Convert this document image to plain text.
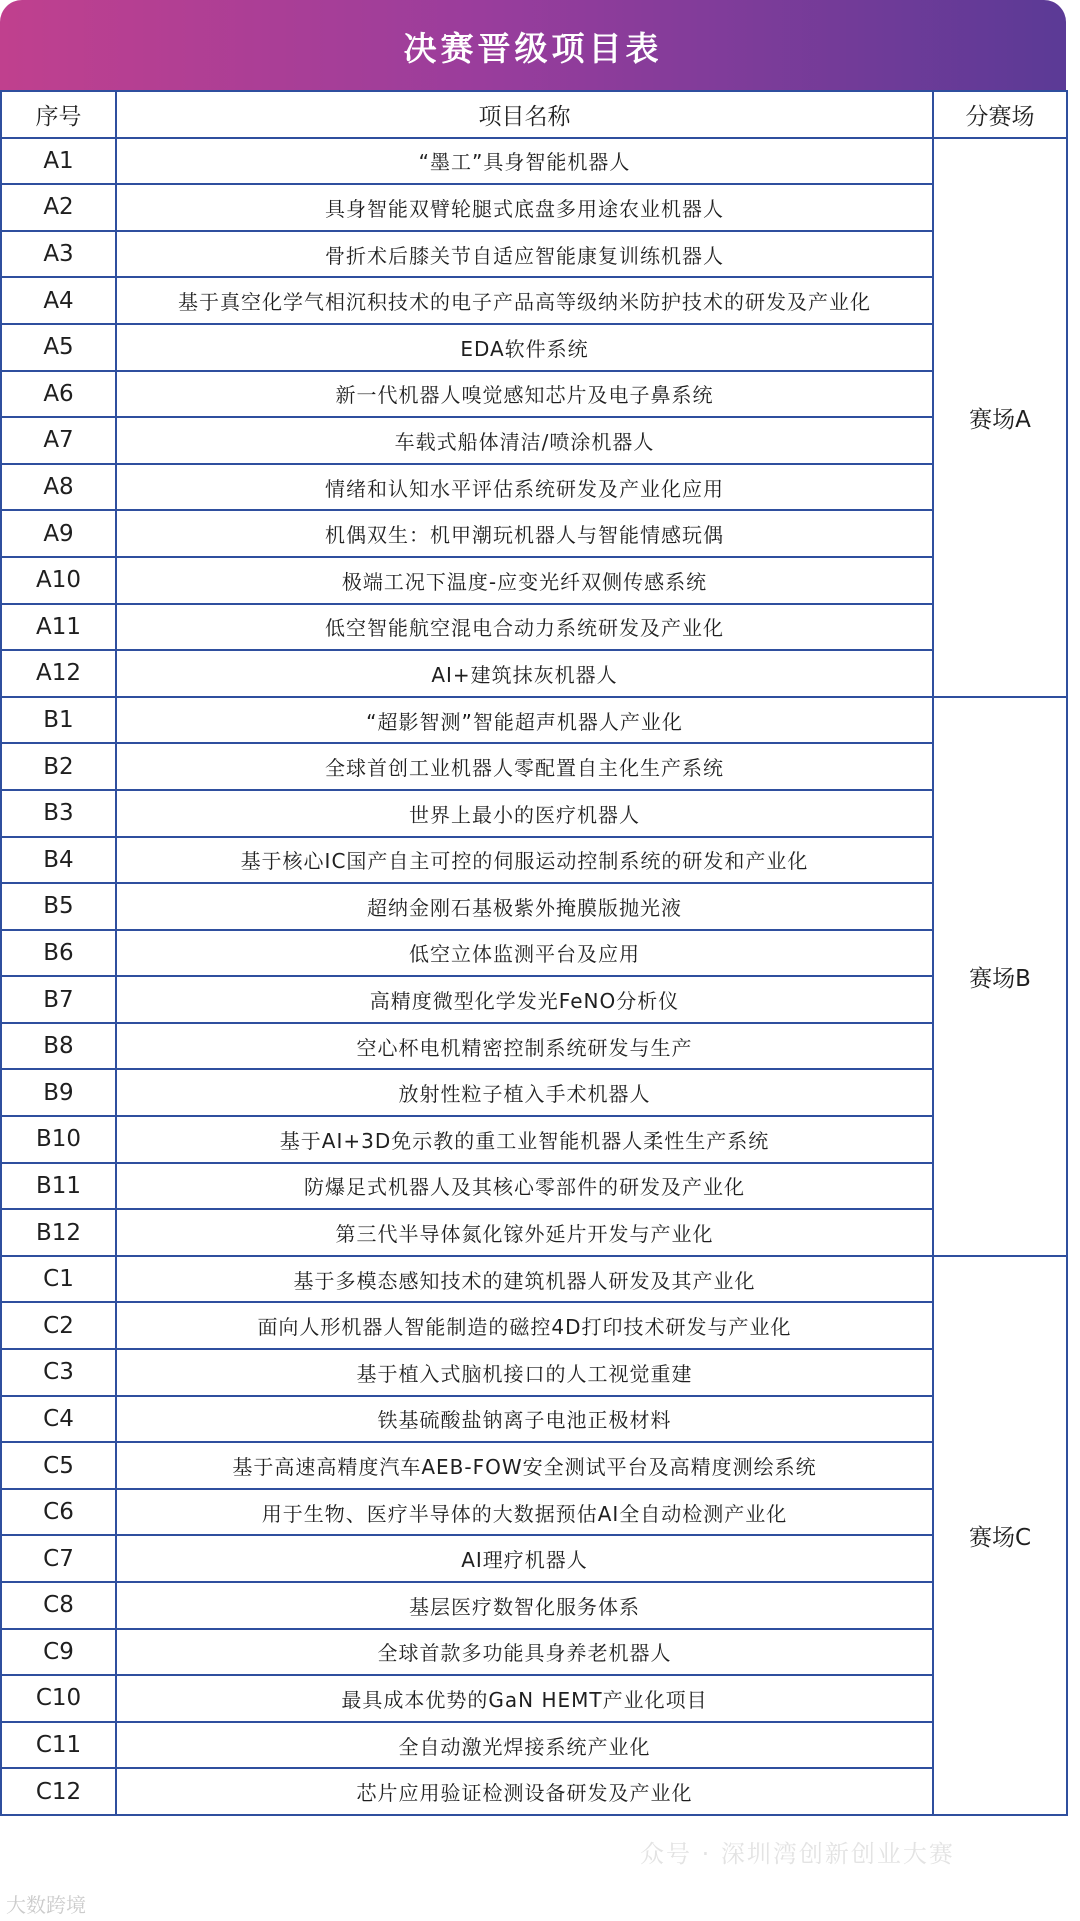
决赛晋级项目表
序号	项目名称	分赛场
A1	“墨工”具身智能机器人	赛场A
A2	具身智能双臂轮腿式底盘多用途农业机器人	
A3	骨折术后膝关节自适应智能康复训练机器人	
A4	基于真空化学气相沉积技术的电子产品高等级纳米防护技术的研发及产业化	
A5	EDA软件系统	
A6	新一代机器人嗅觉感知芯片及电子鼻系统	
A7	车载式船体清洁/喷涂机器人	
A8	情绪和认知水平评估系统研发及产业化应用	
A9	机偶双生：机甲潮玩机器人与智能情感玩偶	
A10	极端工况下温度-应变光纤双侧传感系统	
A11	低空智能航空混电合动力系统研发及产业化	
A12	AI+建筑抹灰机器人	
B1	“超影智测”智能超声机器人产业化	赛场B
B2	全球首创工业机器人零配置自主化生产系统	
B3	世界上最小的医疗机器人	
B4	基于核心IC国产自主可控的伺服运动控制系统的研发和产业化	
B5	超纳金刚石基极紫外掩膜版抛光液	
B6	低空立体监测平台及应用	
B7	高精度微型化学发光FeNO分析仪	
B8	空心杯电机精密控制系统研发与生产	
B9	放射性粒子植入手术机器人	
B10	基于AI+3D免示教的重工业智能机器人柔性生产系统	
B11	防爆足式机器人及其核心零部件的研发及产业化	
B12	第三代半导体氮化镓外延片开发与产业化	
C1	基于多模态感知技术的建筑机器人研发及其产业化	赛场C
C2	面向人形机器人智能制造的磁控4D打印技术研发与产业化	
C3	基于植入式脑机接口的人工视觉重建	
C4	铁基硫酸盐钠离子电池正极材料	
C5	基于高速高精度汽车AEB-FOW安全测试平台及高精度测绘系统	
C6	用于生物、医疗半导体的大数据预估AI全自动检测产业化	
C7	AI理疗机器人	
C8	基层医疗数智化服务体系	
C9	全球首款多功能具身养老机器人	
C10	最具成本优势的GaN HEMT产业化项目	
C11	全自动激光焊接系统产业化	
C12	芯片应用验证检测设备研发及产业化	
大数跨境
众号 · 深圳湾创新创业大赛
